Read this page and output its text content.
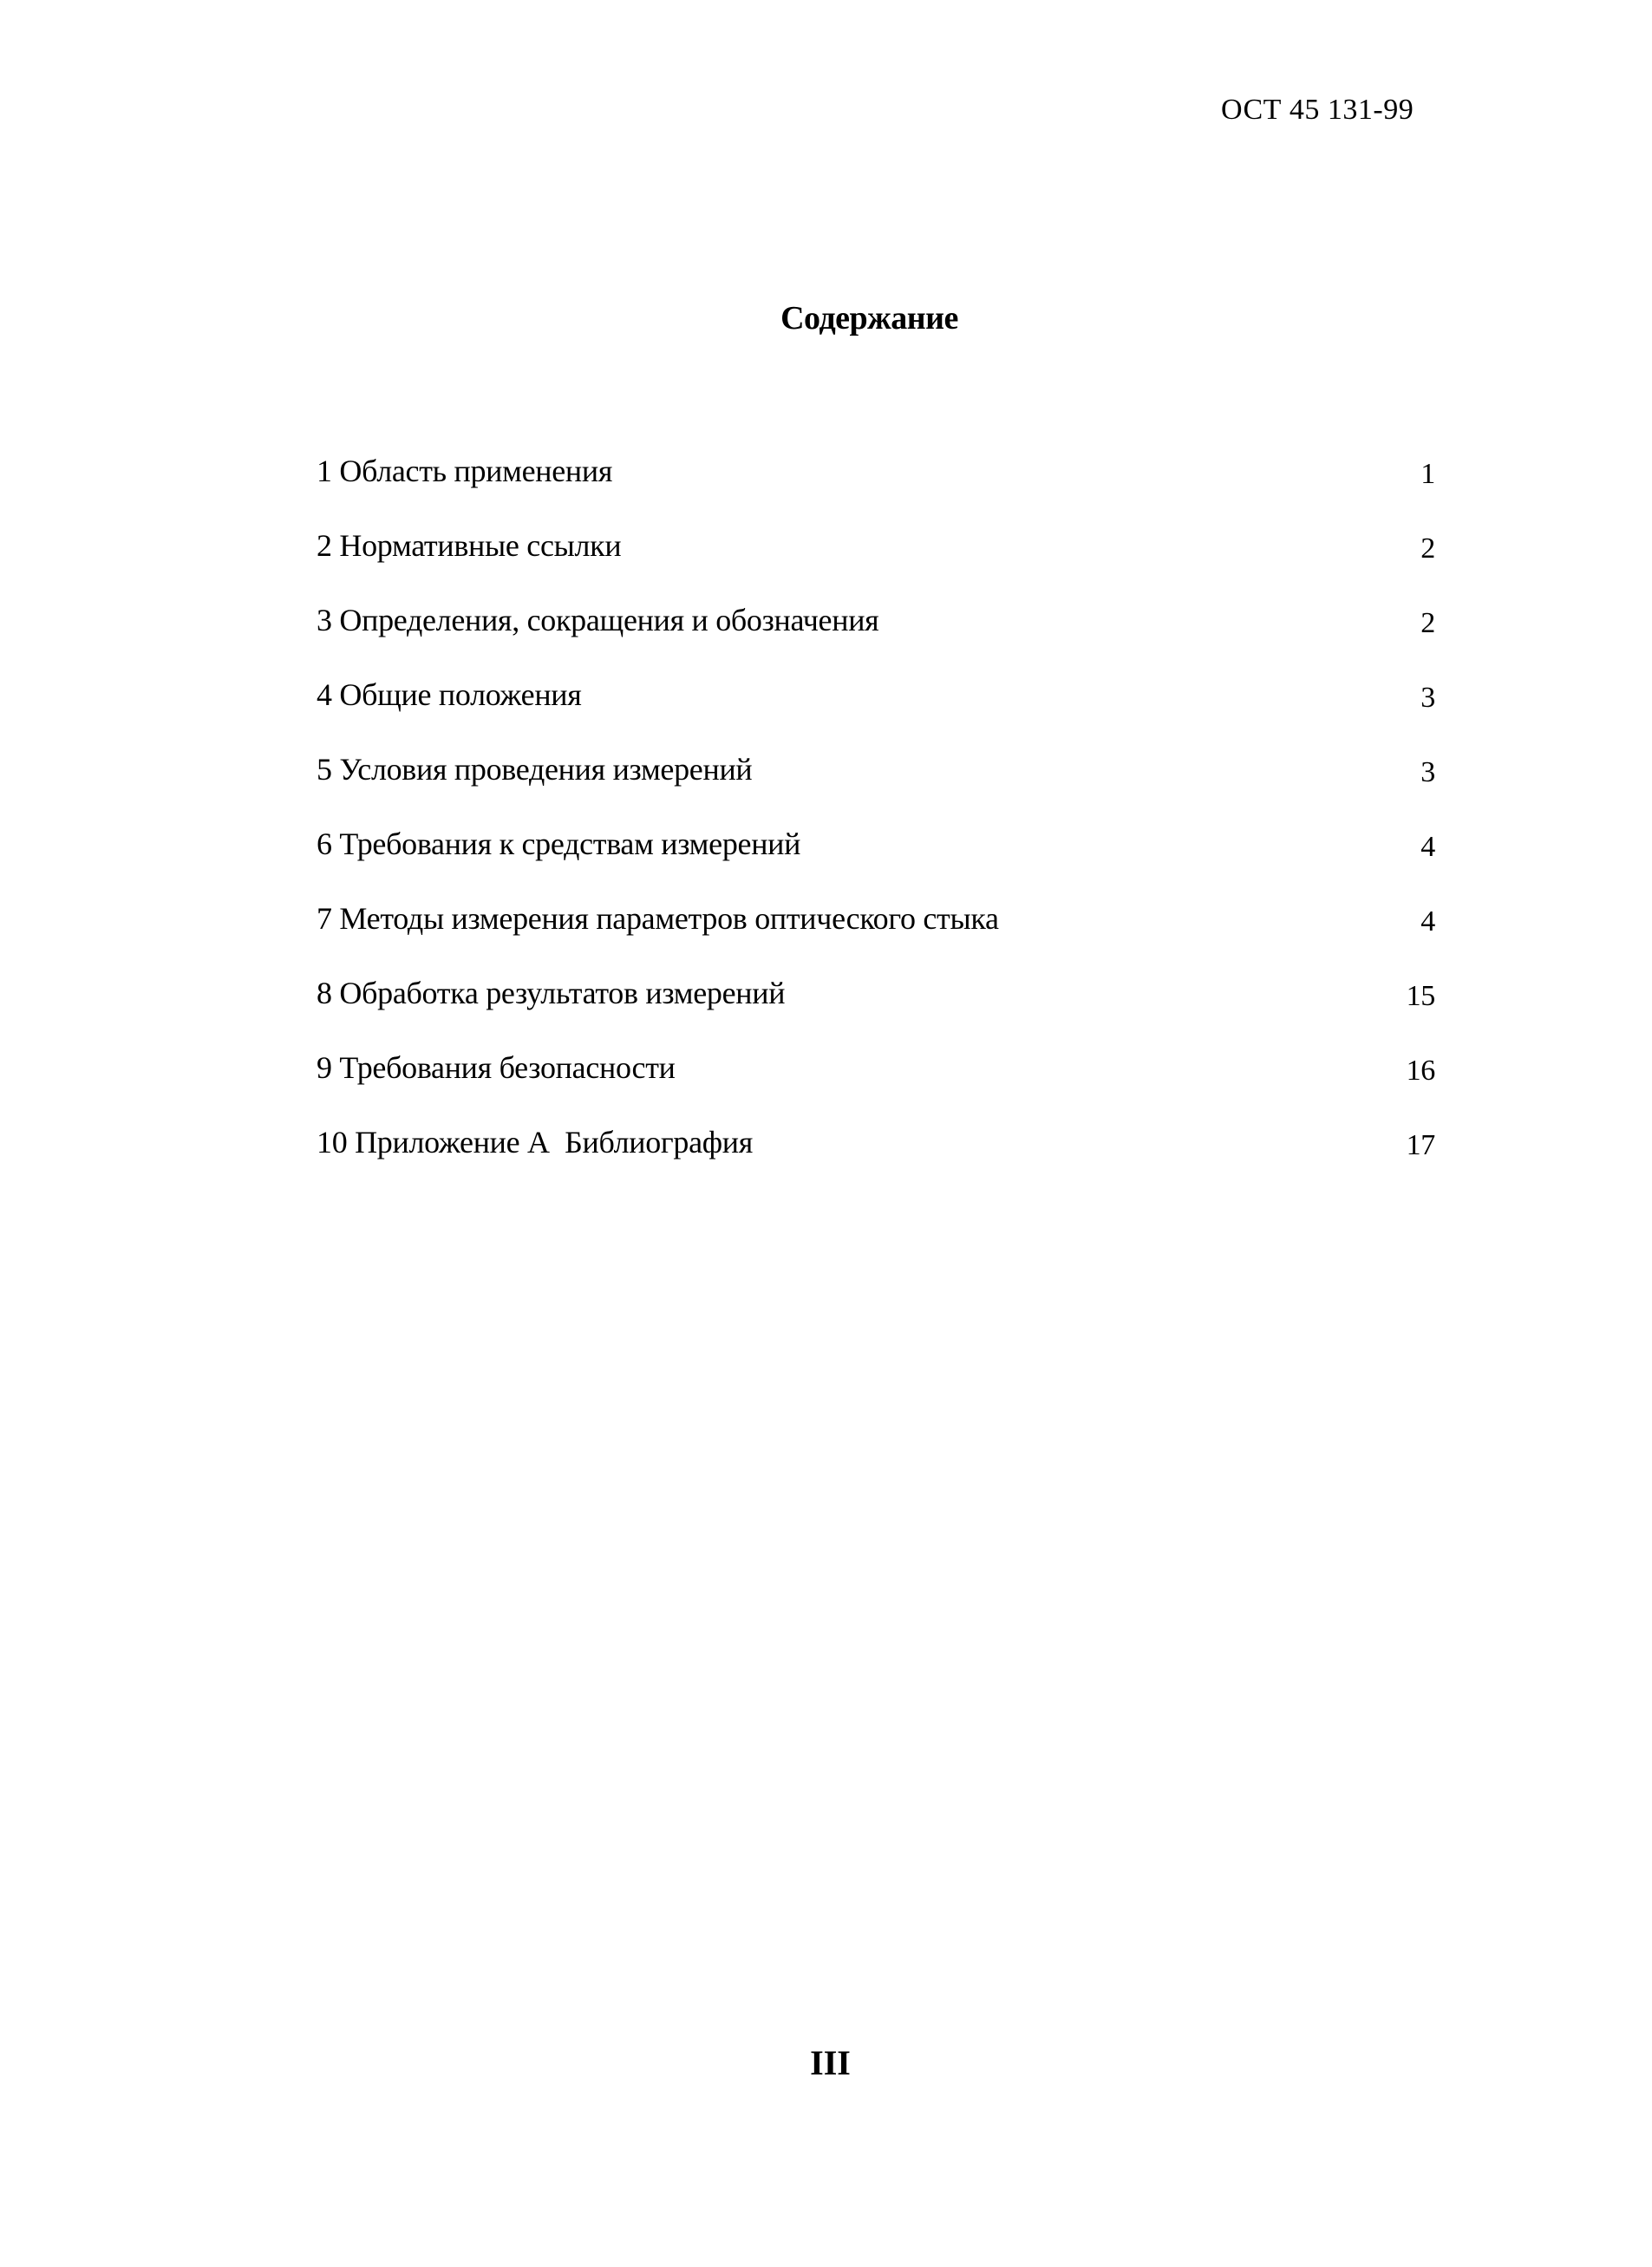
ОСТ 45 131-99
Содержание
1 Область применения	1
2 Нормативные ссылки	2
3 Определения, сокращения и обозначения	2
4 Общие положения	3
5 Условия проведения измерений	3
6 Требования к средствам измерений	4
7 Методы измерения параметров оптического стыка	4
8 Обработка результатов измерений	15
9 Требования безопасности	16
10 Приложение А  Библиография	17
III
